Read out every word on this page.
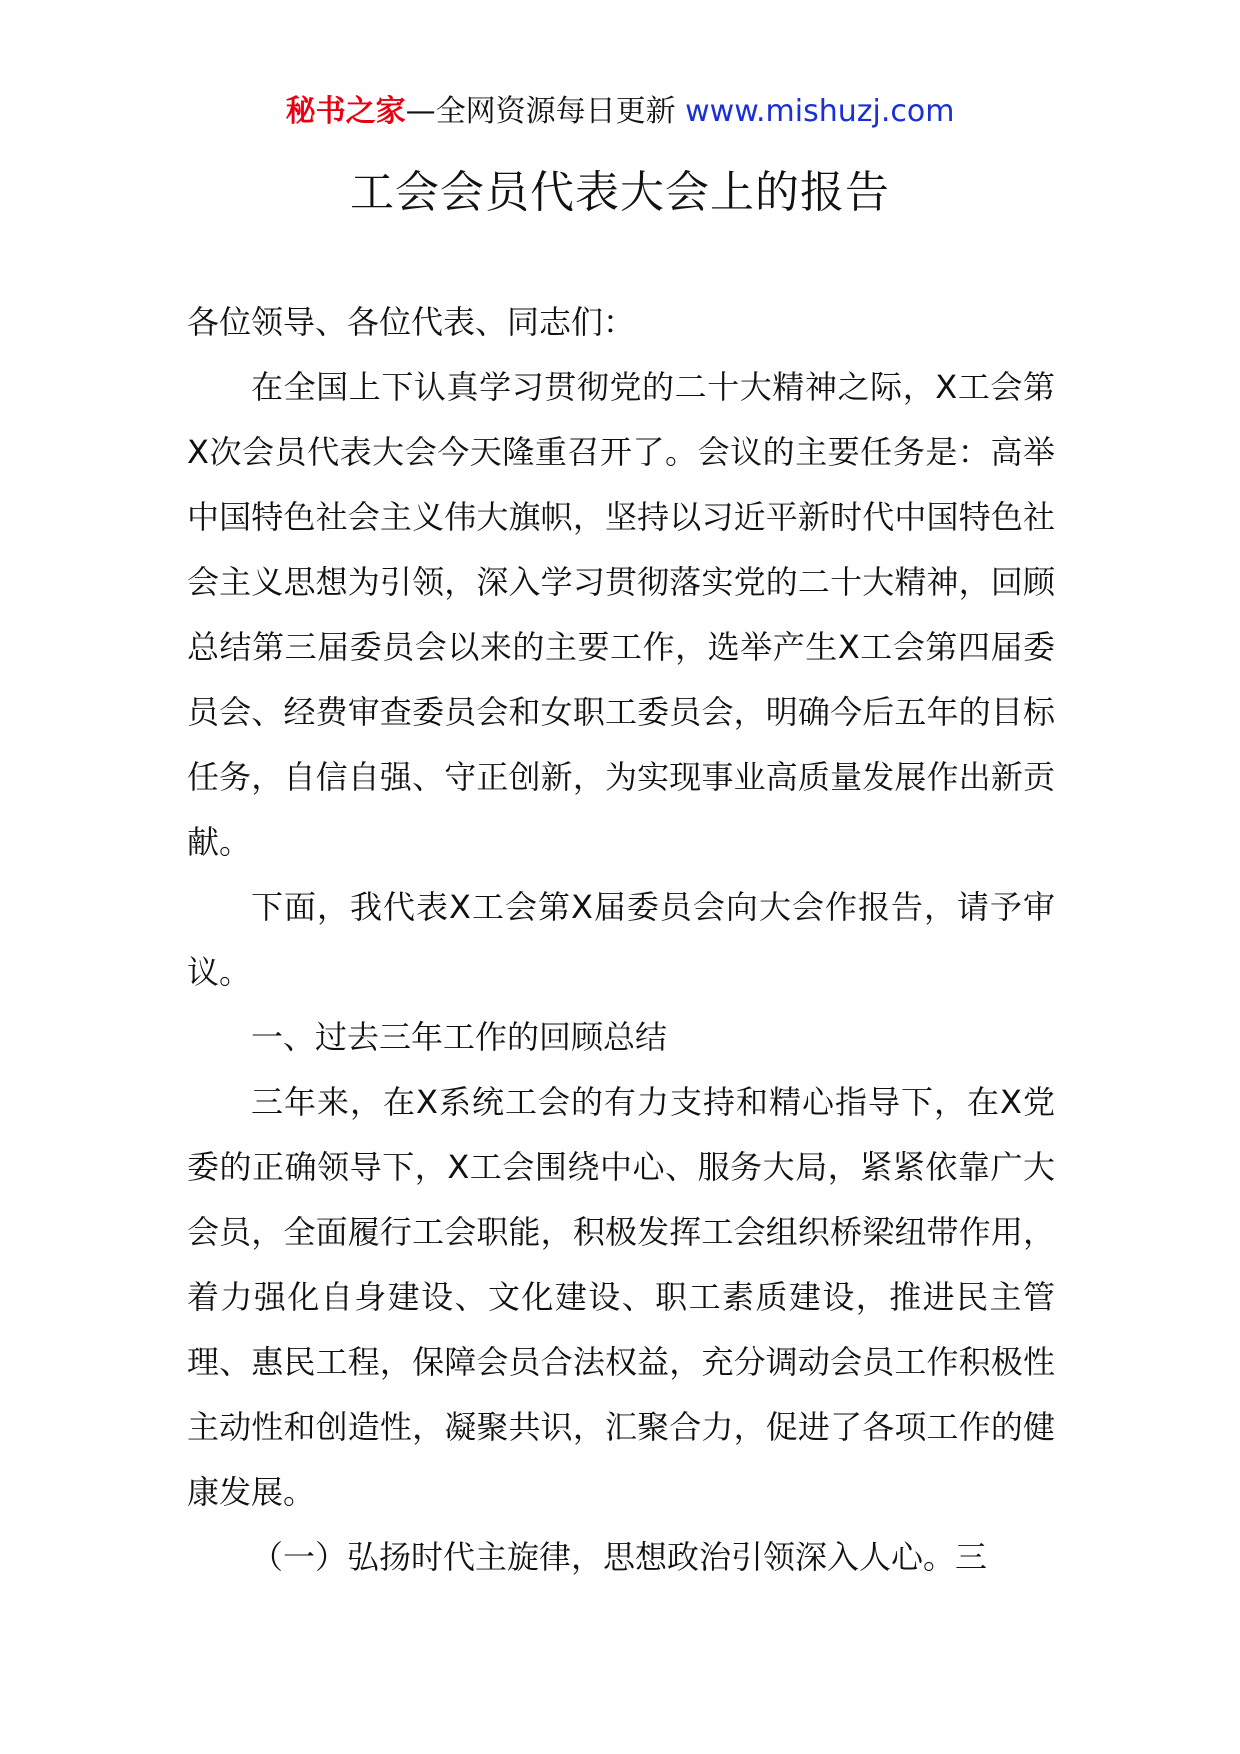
秘书之家—全网资源每日更新 www.mishuzj.com
工会会员代表大会上的报告

各位领导、各位代表、同志们：

在全国上下认真学习贯彻党的二十大精神之际，X工会第X次会员代表大会今天隆重召开了。会议的主要任务是：高举中国特色社会主义伟大旗帜，坚持以习近平新时代中国特色社会主义思想为引领，深入学习贯彻落实党的二十大精神，回顾总结第三届委员会以来的主要工作，选举产生X工会第四届委员会、经费审查委员会和女职工委员会，明确今后五年的目标任务，自信自强、守正创新，为实现事业高质量发展作出新贡献。

下面，我代表X工会第X届委员会向大会作报告，请予审议。

一、过去三年工作的回顾总结

三年来，在X系统工会的有力支持和精心指导下，在X党委的正确领导下，X工会围绕中心、服务大局，紧紧依靠广大会员，全面履行工会职能，积极发挥工会组织桥梁纽带作用，着力强化自身建设、文化建设、职工素质建设，推进民主管理、惠民工程，保障会员合法权益，充分调动会员工作积极性主动性和创造性，凝聚共识，汇聚合力，促进了各项工作的健康发展。

（一）弘扬时代主旋律，思想政治引领深入人心。三
